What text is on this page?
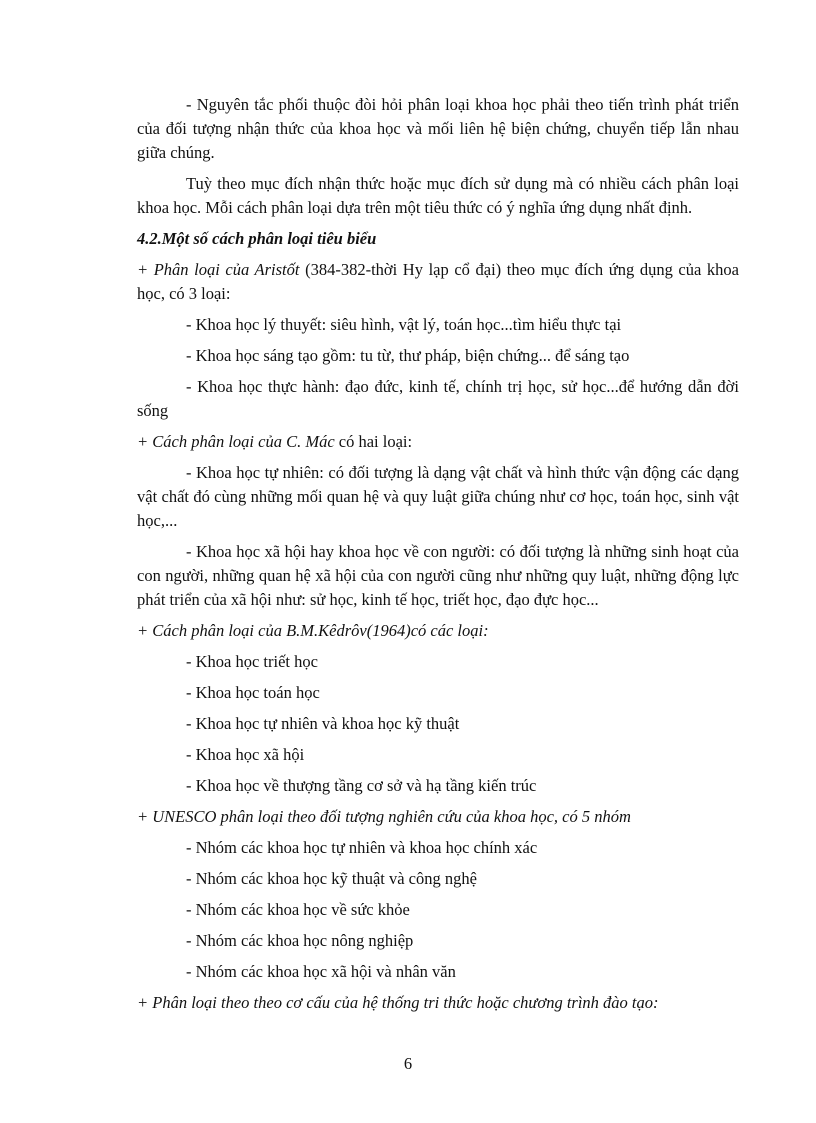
- Nguyên tắc phối thuộc đòi hỏi phân loại khoa học phải theo tiến trình phát triển của đối tượng nhận thức của khoa học và mối liên hệ biện chứng, chuyển tiếp lẫn nhau giữa chúng.

Tuỳ theo mục đích nhận thức hoặc mục đích sử dụng mà có nhiều cách phân loại khoa học. Mỗi cách phân loại dựa trên một tiêu thức có ý nghĩa ứng dụng nhất định.

4.2.Một số cách phân loại tiêu biểu

+ Phân loại của Aristốt (384-382-thời Hy lạp cổ đại) theo mục đích ứng dụng của khoa học, có 3 loại:

- Khoa học lý thuyết: siêu hình, vật lý, toán học...tìm hiểu thực tại

- Khoa học sáng tạo gồm: tu từ, thư pháp, biện chứng... để sáng tạo

- Khoa học thực hành: đạo đức, kinh tế, chính trị học, sử học...để hướng dẫn đời sống

+ Cách phân loại của C. Mác có hai loại:

- Khoa học tự nhiên: có đối tượng là dạng vật chất và hình thức vận động các dạng vật chất đó cùng những mối quan hệ và quy luật giữa chúng như cơ học, toán học, sinh vật học,...

- Khoa học xã hội hay khoa học về con người: có đối tượng là những sinh hoạt của con người, những quan hệ xã hội của con người cũng như những quy luật, những động lực phát triển của xã hội như: sử học, kinh tế học, triết học, đạo đực học...

+ Cách phân loại của B.M.Kêdrôv(1964)có các loại:

- Khoa học triết học

- Khoa học toán học

- Khoa học tự nhiên và khoa học kỹ thuật

- Khoa học xã hội

- Khoa học về thượng tầng cơ sở và hạ tầng kiến trúc

+ UNESCO phân loại theo đối tượng nghiên cứu của khoa học, có 5 nhóm

- Nhóm các khoa học tự nhiên và khoa học chính xác

- Nhóm các khoa học kỹ thuật và công nghệ

- Nhóm các khoa học về sức khỏe

- Nhóm các khoa học nông nghiệp

- Nhóm các khoa học xã hội và nhân văn

+ Phân loại theo theo cơ cấu của hệ thống tri thức hoặc chương trình đào tạo:

6
